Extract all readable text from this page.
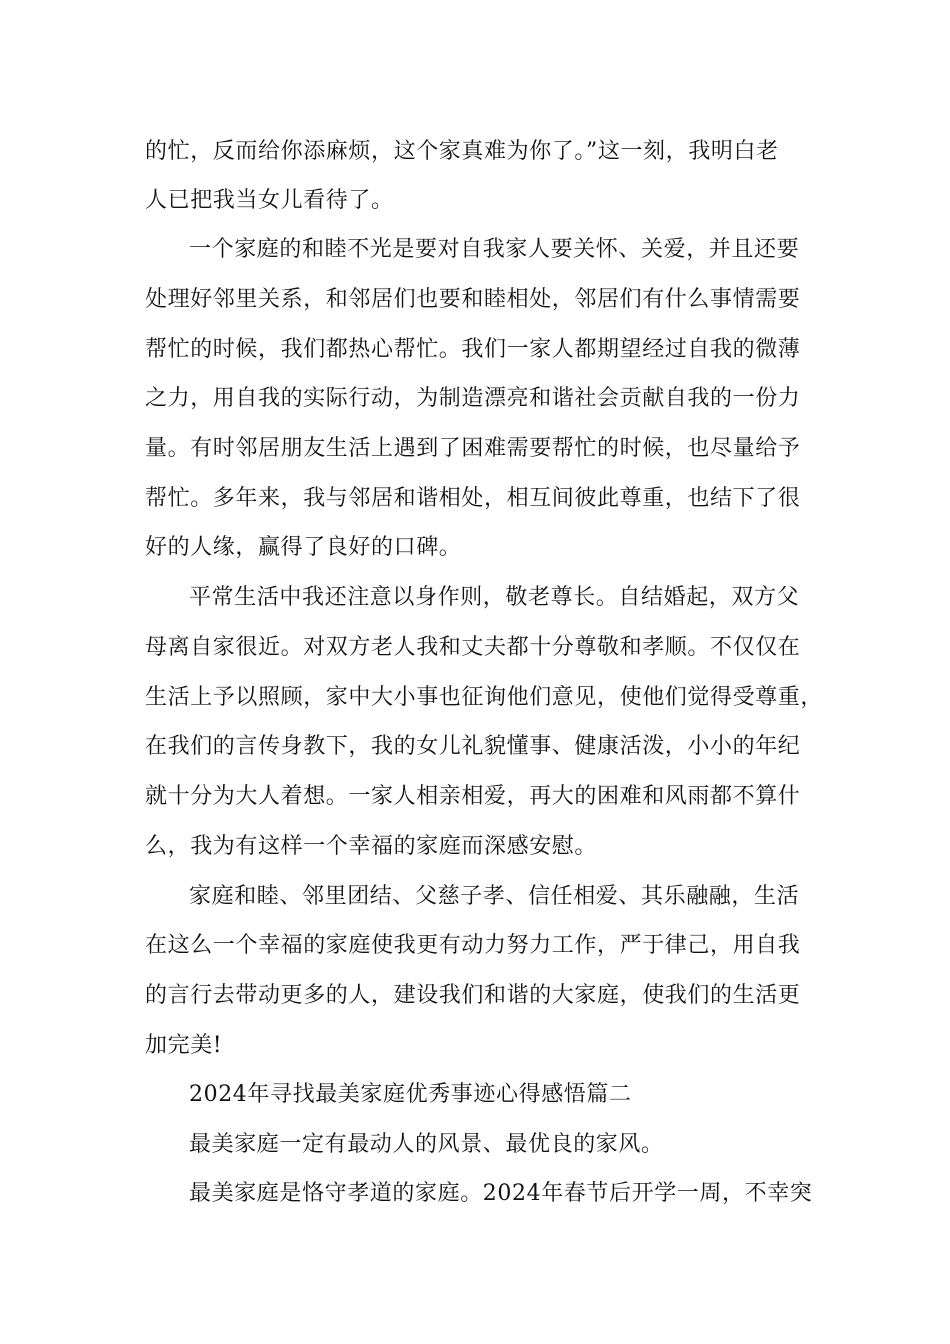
的忙，反而给你添麻烦，这个家真难为你了。”这一刻，我明白老
人已把我当女儿看待了。
一个家庭的和睦不光是要对自我家人要关怀、关爱，并且还要
处理好邻里关系，和邻居们也要和睦相处，邻居们有什么事情需要
帮忙的时候，我们都热心帮忙。我们一家人都期望经过自我的微薄
之力，用自我的实际行动，为制造漂亮和谐社会贡献自我的一份力
量。有时邻居朋友生活上遇到了困难需要帮忙的时候，也尽量给予
帮忙。多年来，我与邻居和谐相处，相互间彼此尊重，也结下了很
好的人缘，赢得了良好的口碑。
平常生活中我还注意以身作则，敬老尊长。自结婚起，双方父
母离自家很近。对双方老人我和丈夫都十分尊敬和孝顺。不仅仅在
生活上予以照顾，家中大小事也征询他们意见，使他们觉得受尊重，
在我们的言传身教下，我的女儿礼貌懂事、健康活泼，小小的年纪
就十分为大人着想。一家人相亲相爱，再大的困难和风雨都不算什
么，我为有这样一个幸福的家庭而深感安慰。
家庭和睦、邻里团结、父慈子孝、信任相爱、其乐融融，生活
在这么一个幸福的家庭使我更有动力努力工作，严于律己，用自我
的言行去带动更多的人，建设我们和谐的大家庭，使我们的生活更
加完美!
2024年寻找最美家庭优秀事迹心得感悟篇二
最美家庭一定有最动人的风景、最优良的家风。
最美家庭是恪守孝道的家庭。2024年春节后开学一周，不幸突
